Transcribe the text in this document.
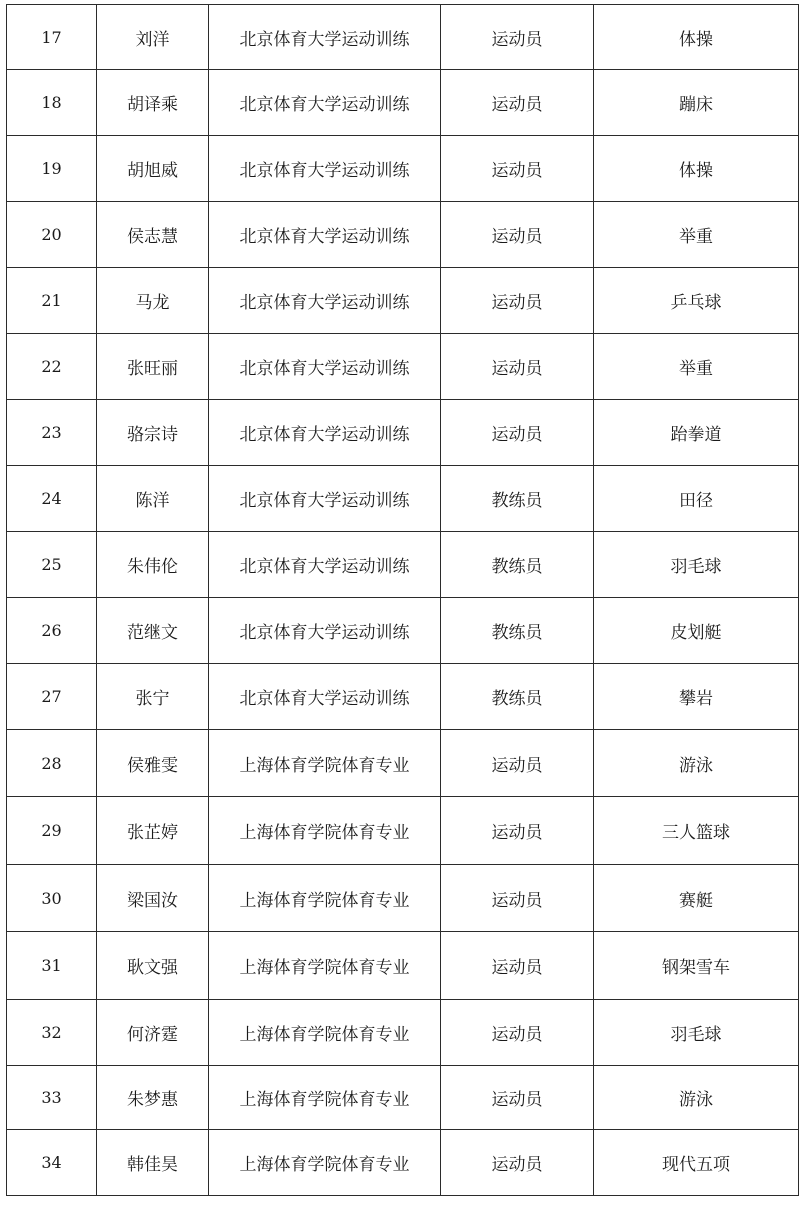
17	刘洋	北京体育大学运动训练	运动员	体操
18	胡译乘	北京体育大学运动训练	运动员	蹦床
19	胡旭威	北京体育大学运动训练	运动员	体操
20	侯志慧	北京体育大学运动训练	运动员	举重
21	马龙	北京体育大学运动训练	运动员	乒乓球
22	张旺丽	北京体育大学运动训练	运动员	举重
23	骆宗诗	北京体育大学运动训练	运动员	跆拳道
24	陈洋	北京体育大学运动训练	教练员	田径
25	朱伟伦	北京体育大学运动训练	教练员	羽毛球
26	范继文	北京体育大学运动训练	教练员	皮划艇
27	张宁	北京体育大学运动训练	教练员	攀岩
28	侯雅雯	上海体育学院体育专业	运动员	游泳
29	张芷婷	上海体育学院体育专业	运动员	三人篮球
30	梁国汝	上海体育学院体育专业	运动员	赛艇
31	耿文强	上海体育学院体育专业	运动员	钢架雪车
32	何济霆	上海体育学院体育专业	运动员	羽毛球
33	朱梦惠	上海体育学院体育专业	运动员	游泳
34	韩佳昊	上海体育学院体育专业	运动员	现代五项
